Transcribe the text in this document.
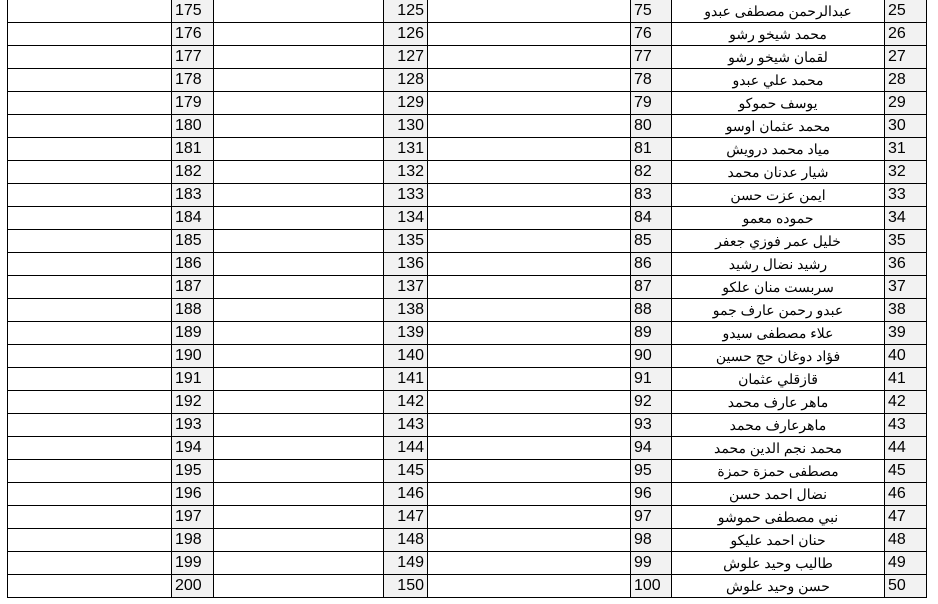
	175		125		75	عبدالرحمن مصطفى عبدو	25
	176		126		76	محمد شيخو رشو	26
	177		127		77	لقمان شيخو رشو	27
	178		128		78	محمد علي عبدو	28
	179		129		79	يوسف حموكو	29
	180		130		80	محمد عثمان اوسو	30
	181		131		81	مياد محمد درويش	31
	182		132		82	شيار عدنان محمد	32
	183		133		83	ايمن عزت حسن	33
	184		134		84	حموده معمو	34
	185		135		85	خليل عمر فوزي جعفر	35
	186		136		86	رشيد نضال رشيد	36
	187		137		87	سربست منان علكو	37
	188		138		88	عبدو رحمن عارف جمو	38
	189		139		89	علاء مصطفى سيدو	39
	190		140		90	فؤاد دوغان حج حسين	40
	191		141		91	قازقلي عثمان	41
	192		142		92	ماهر عارف محمد	42
	193		143		93	ماهرعارف محمد	43
	194		144		94	محمد نجم الدين محمد	44
	195		145		95	مصطفى حمزة حمزة	45
	196		146		96	نضال احمد حسن	46
	197		147		97	نبي مصطفى حموشو	47
	198		148		98	حنان احمد عليكو	48
	199		149		99	طاليب وحيد علوش	49
	200		150		100	حسن وحيد علوش	50
